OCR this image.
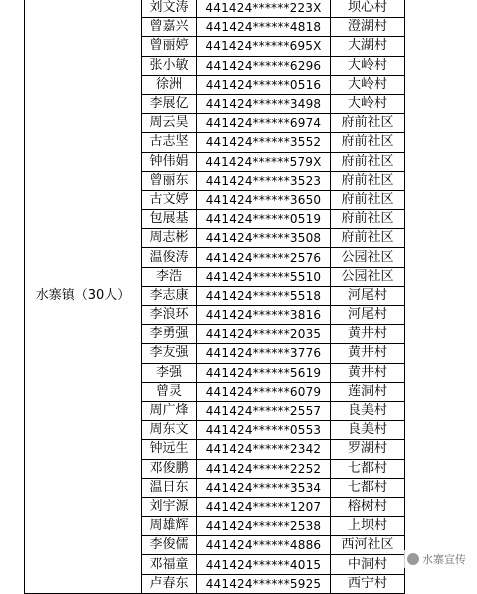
水寨镇（30人）	刘文涛	441424******223X	坝心村
	曾嘉兴	441424******4818	澄湖村
	曾丽婷	441424******695X	大湖村
	张小敏	441424******6296	大岭村
	徐洲	441424******0516	大岭村
	李展亿	441424******3498	大岭村
	周云昊	441424******6974	府前社区
	古志坚	441424******3552	府前社区
	钟伟娟	441424******579X	府前社区
	曾丽东	441424******3523	府前社区
	古文婷	441424******3650	府前社区
	包展基	441424******0519	府前社区
	周志彬	441424******3508	府前社区
	温俊涛	441424******2576	公园社区
	李浩	441424******5510	公园社区
	李志康	441424******5518	河尾村
	李浪环	441424******3816	河尾村
	李勇强	441424******2035	黄井村
	李友强	441424******3776	黄井村
	李强	441424******5619	黄井村
	曾灵	441424******6079	莲洞村
	周广烽	441424******2557	良美村
	周东文	441424******0553	良美村
	钟远生	441424******2342	罗湖村
	邓俊鹏	441424******2252	七都村
	温日东	441424******3534	七都村
	刘宇源	441424******1207	榕树村
	周雄辉	441424******2538	上坝村
	李俊儒	441424******4886	西河社区
	邓福童	441424******4015	中洞村
	卢春东	441424******5925	西宁村
水寨宣传
